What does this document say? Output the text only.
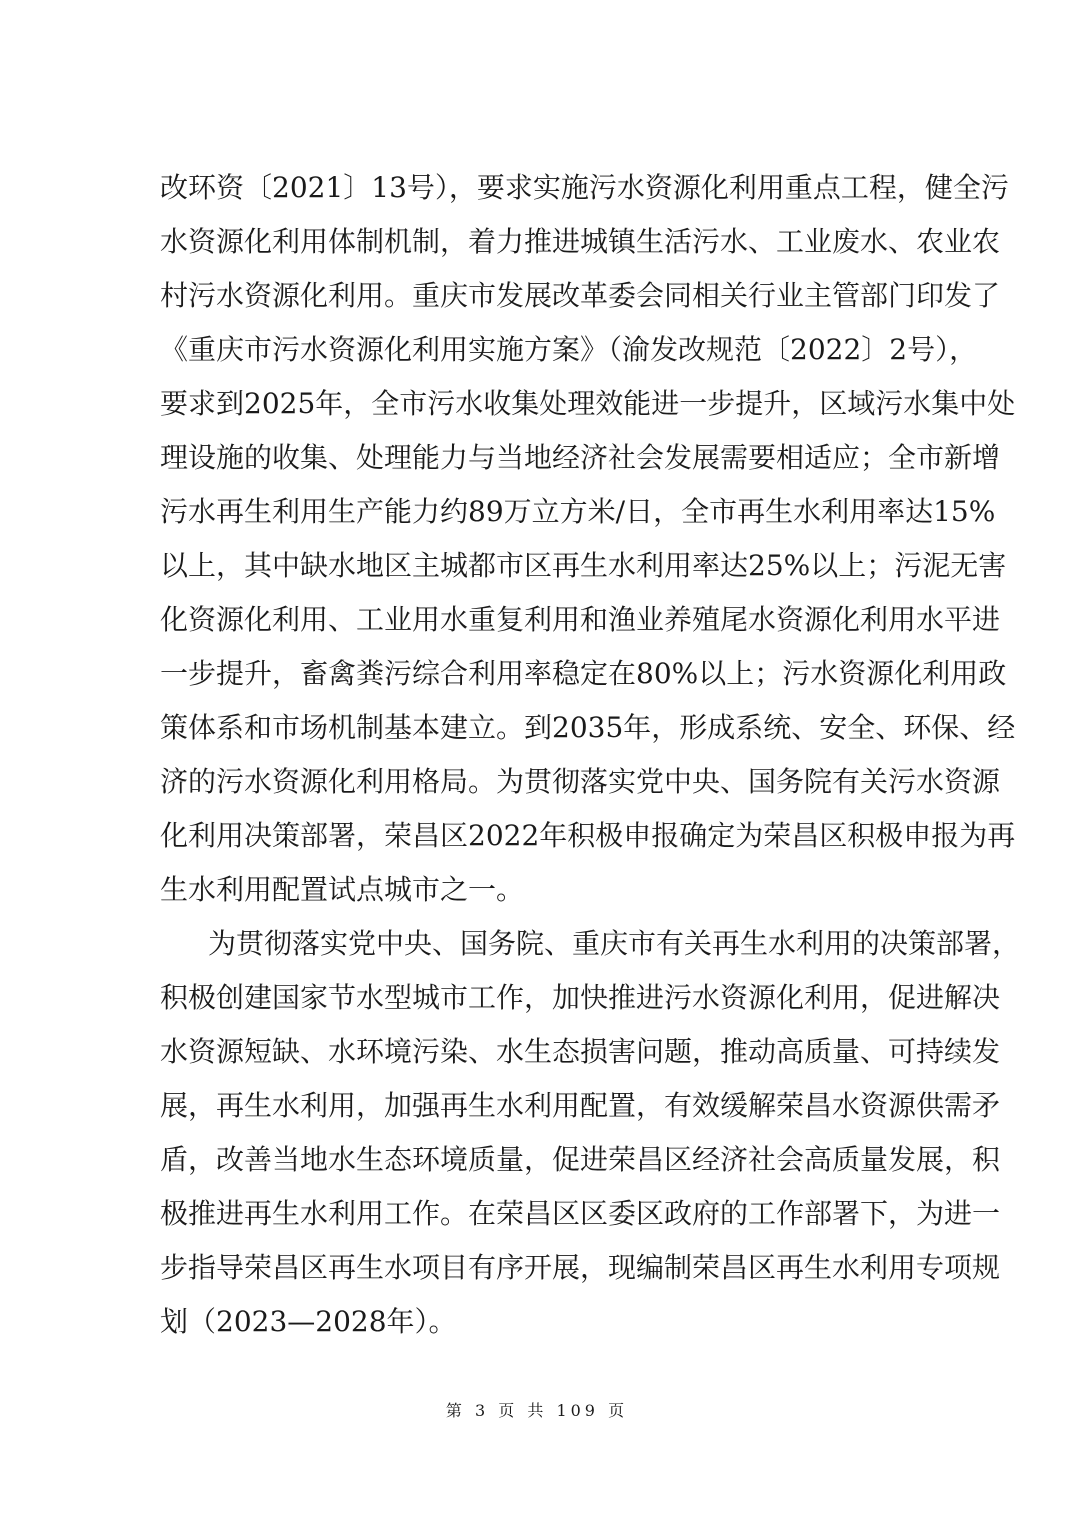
改环资〔2021〕13号），要求实施污水资源化利用重点工程，健全污
水资源化利用体制机制，着力推进城镇生活污水、工业废水、农业农
村污水资源化利用。重庆市发展改革委会同相关行业主管部门印发了
《重庆市污水资源化利用实施方案》（渝发改规范〔2022〕2号），
要求到2025年，全市污水收集处理效能进一步提升，区域污水集中处
理设施的收集、处理能力与当地经济社会发展需要相适应；全市新增
污水再生利用生产能力约89万立方米/日，全市再生水利用率达15%
以上，其中缺水地区主城都市区再生水利用率达25%以上；污泥无害
化资源化利用、工业用水重复利用和渔业养殖尾水资源化利用水平进
一步提升，畜禽粪污综合利用率稳定在80%以上；污水资源化利用政
策体系和市场机制基本建立。到2035年，形成系统、安全、环保、经
济的污水资源化利用格局。为贯彻落实党中央、国务院有关污水资源
化利用决策部署，荣昌区2022年积极申报确定为荣昌区积极申报为再
生水利用配置试点城市之一。
为贯彻落实党中央、国务院、重庆市有关再生水利用的决策部署，
积极创建国家节水型城市工作，加快推进污水资源化利用，促进解决
水资源短缺、水环境污染、水生态损害问题，推动高质量、可持续发
展，再生水利用，加强再生水利用配置，有效缓解荣昌水资源供需矛
盾，改善当地水生态环境质量，促进荣昌区经济社会高质量发展，积
极推进再生水利用工作。在荣昌区区委区政府的工作部署下，为进一
步指导荣昌区再生水项目有序开展，现编制荣昌区再生水利用专项规
划（2023—2028年）。
第 3 页 共 109 页
